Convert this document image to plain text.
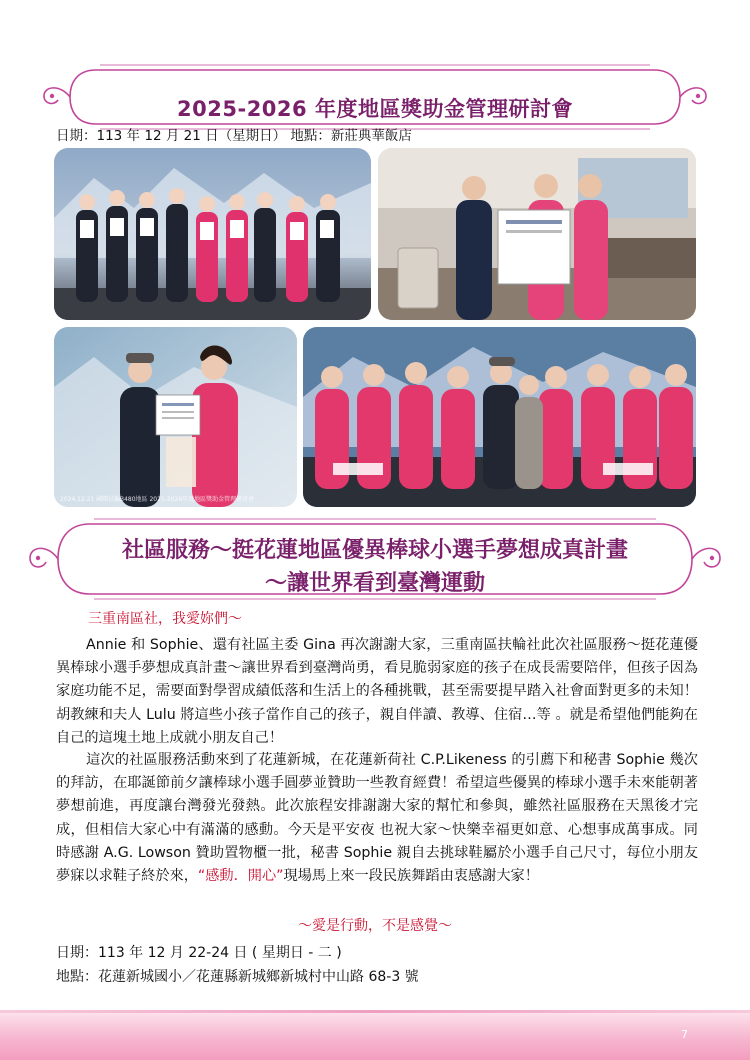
2025-2026 年度地區獎助金管理研討會
日期：113 年 12 月 21 日（星期日） 地點：新莊典華飯店
2024.12.21 國際扶輪3480地區 2025-2026年度地區獎助金管理研討會
社區服務～挺花蓮地區優異棒球小選手夢想成真計畫
～讓世界看到臺灣運動
三重南區社，我愛妳們～
Annie 和 Sophie、還有社區主委 Gina 再次謝謝大家，三重南區扶輪社此次社區服務～挺花蓮優異棒球小選手夢想成真計畫～讓世界看到臺灣尚勇，看見脆弱家庭的孩子在成長需要陪伴，但孩子因為家庭功能不足，需要面對學習成績低落和生活上的各種挑戰，甚至需要提早踏入社會面對更多的未知！胡教練和夫人 Lulu 將這些小孩子當作自己的孩子，親自伴讀、教導、住宿…等 。就是希望他們能夠在自己的這塊土地上成就小朋友自己！
這次的社區服務活動來到了花蓮新城，在花蓮新荷社 C.P.Likeness 的引薦下和秘書 Sophie 幾次的拜訪，在耶誕節前夕讓棒球小選手圓夢並贊助一些教育經費！希望這些優異的棒球小選手未來能朝著夢想前進，再度讓台灣發光發熱。此次旅程安排謝謝大家的幫忙和參與，雖然社區服務在天黑後才完成，但相信大家心中有滿滿的感動。今天是平安夜 也祝大家～快樂幸福更如意、心想事成萬事成。同時感謝 A.G. Lowson 贊助置物櫃一批，秘書 Sophie 親自去挑球鞋屬於小選手自己尺寸，每位小朋友夢寐以求鞋子終於來，“感動．開心”現場馬上來一段民族舞蹈由衷感謝大家！
～愛是行動，不是感覺～
日期：113 年 12 月 22-24 日 ( 星期日 - 二 )
地點：花蓮新城國小／花蓮縣新城鄉新城村中山路 68-3 號
7
